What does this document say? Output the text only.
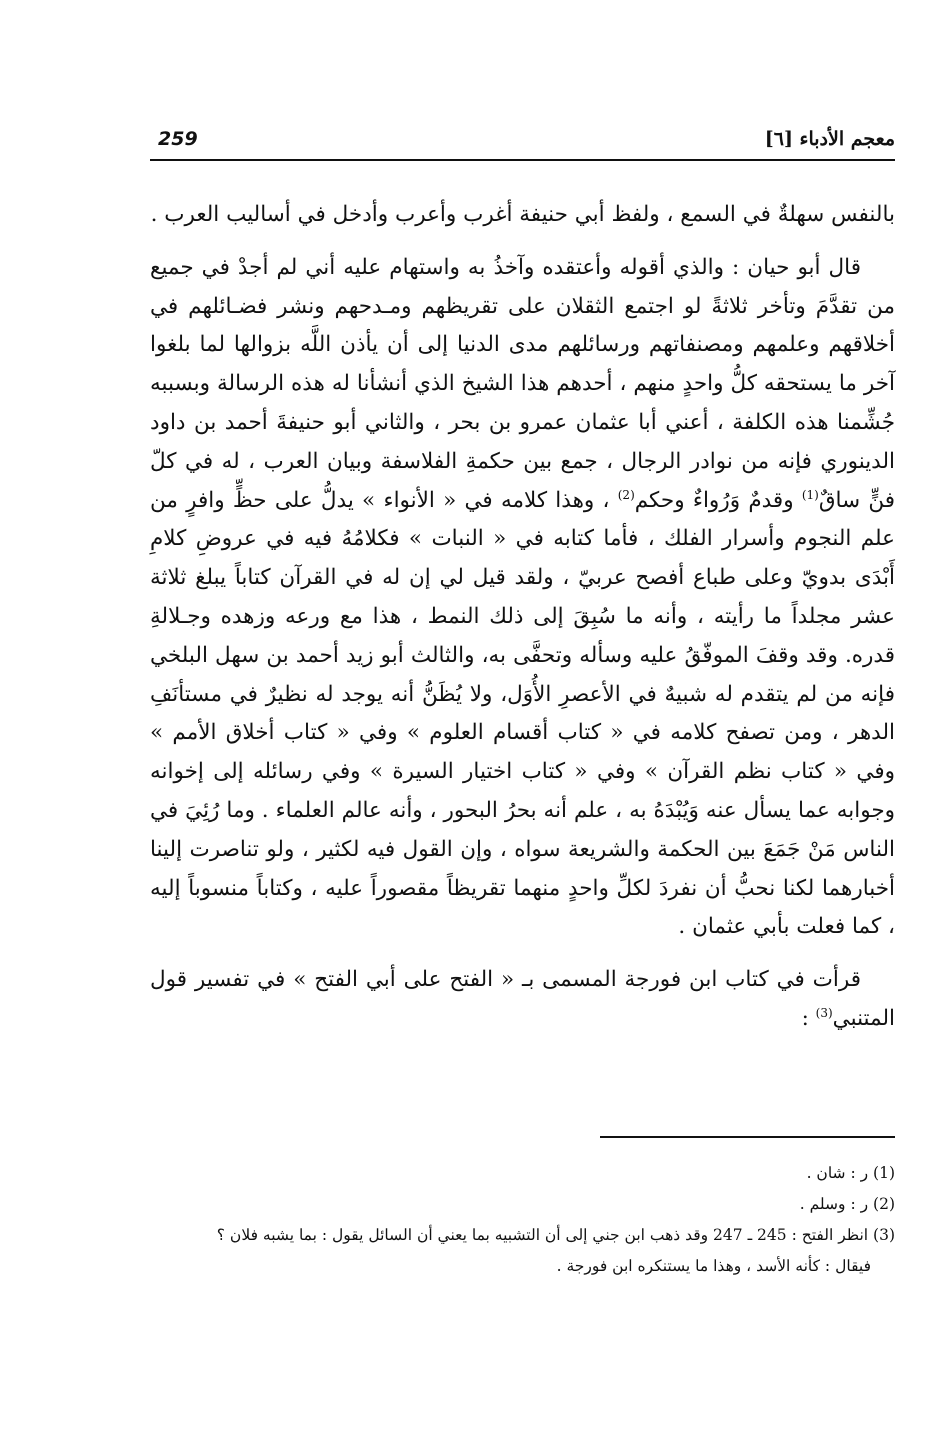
معجم الأدباء [٦]
259

بالنفس سهلةٌ في السمع ، ولفظ أبي حنيفة أغرب وأعرب وأدخل في أساليب العرب .

قال أبو حيان : والذي أقوله وأعتقده وآخذُ به واستهام عليه أني لم أجدْ في جميع من تقدَّمَ وتأخر ثلاثةً لو اجتمع الثقلان على تقريظهم ومـدحهم ونشر فضـائلهم في أخلاقهم وعلمهم ومصنفاتهم ورسائلهم مدى الدنيا إلى أن يأذن اللَّه بزوالها لما بلغوا آخر ما يستحقه كلُّ واحدٍ منهم ، أحدهم هذا الشيخ الذي أنشأنا له هذه الرسالة وبسببه جُشِّمنا هذه الكلفة ، أعني أبا عثمان عمرو بن بحر ، والثاني أبو حنيفةَ أحمد بن داود الدينوري فإنه من نوادر الرجال ، جمع بين حكمةِ الفلاسفة وبيان العرب ، له في كلّ فنٍّ ساقٌ$^{(1)}$ وقدمٌ وَرُواءٌ وحكم$^{(2)}$ ، وهذا كلامه في « الأنواء » يدلُّ على حظٍّ وافرٍ من علم النجوم وأسرار الفلك ، فأما كتابه في « النبات » فكلامُهُ فيه في عروضِ كلامِ أَبْدَى بدويّ وعلى طباع أفصح عربيّ ، ولقد قيل لي إن له في القرآن كتاباً يبلغ ثلاثة عشر مجلداً ما رأيته ، وأنه ما سُبِقَ إلى ذلك النمط ، هذا مع ورعه وزهده وجـلالةِ قدره. وقد وقفَ الموفّقُ عليه وسأله وتحفَّى به، والثالث أبو زيد أحمد بن سهل البلخي فإنه من لم يتقدم له شبيهٌ في الأعصرِ الأُوَل، ولا يُظَنُّ أنه يوجد له نظيرٌ في مستأنَفِ الدهر ، ومن تصفح كلامه في « كتاب أقسام العلوم » وفي « كتاب أخلاق الأمم » وفي « كتاب نظم القرآن » وفي « كتاب اختيار السيرة » وفي رسائله إلى إخوانه وجوابه عما يسأل عنه وَيُبْدَهُ به ، علم أنه بحرُ البحور ، وأنه عالم العلماء . وما رُئِيَ في الناس مَنْ جَمَعَ بين الحكمة والشريعة سواه ، وإن القول فيه لكثير ، ولو تناصرت إلينا أخبارهما لكنا نحبُّ أن نفردَ لكلِّ واحدٍ منهما تقريظاً مقصوراً عليه ، وكتاباً منسوباً إليه ، كما فعلت بأبي عثمان .

قرأت في كتاب ابن فورجة المسمى بـ « الفتح على أبي الفتح » في تفسير قول المتنبي$^{(3)}$ :

(1) ر : شان .

(2) ر : وسلم .

(3) انظر الفتح : 245 ـ 247 وقد ذهب ابن جني إلى أن التشبيه بما يعني أن السائل يقول : بما يشبه فلان ؟

فيقال : كأنه الأسد ، وهذا ما يستنكره ابن فورجة .
